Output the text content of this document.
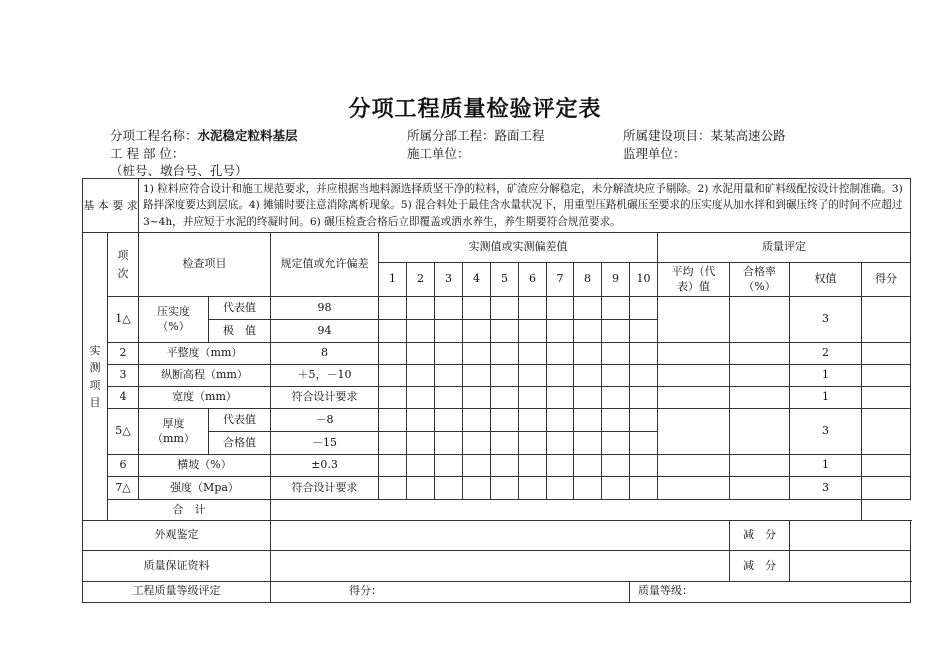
分项工程质量检验评定表
分项工程名称：水泥稳定粒料基层	所属分部工程：路面工程	所属建设项目：某某高速公路
工 程 部 位：	施工单位：	监理单位：
（桩号、墩台号、孔号）
基 本 要 求		1) 粒料应符合设计和施工规范要求，并应根据当地料源选择质坚干净的粒料，矿渣应分解稳定，未分解渣块应予剔除。2) 水泥用量和矿料级配按设计控制准确。3) 路拌深度要达到层底。4) 摊铺时要注意消除离析现象。5) 混合料处于最佳含水量状况下，用重型压路机碾压至要求的压实度从加水拌和到碾压终了的时间不应超过 3~4h，并应短于水泥的终凝时间。6) 碾压检查合格后立即覆盖或洒水养生，养生期要符合规范要求。																	
实 测 项 目	项 次	检查项目		规定值或允许偏差	实测值或实测偏差值										质量评定				
					1	2	3	4	5	6	7	8	9	10	平均（代表）值	合格率（%）	权值	得分	
	1△	压实度（%）	代表值	98													3		
			极　值	94															
	2	平整度（mm）		8													2		
	3	纵断高程（mm）		＋5，－10													1		
	4	宽度（mm）		符合设计要求													1		
	5△	厚度（mm）	代表值	－8													3		
			合格值	－15															
	6	横坡（%）		±0.3													1		
	7△	强度（Mpa）		符合设计要求													3		
	合　计																		
外观鉴定																减　分		
质量保证资料																减　分			
工程质量等级评定				得分：										质量等级：					
